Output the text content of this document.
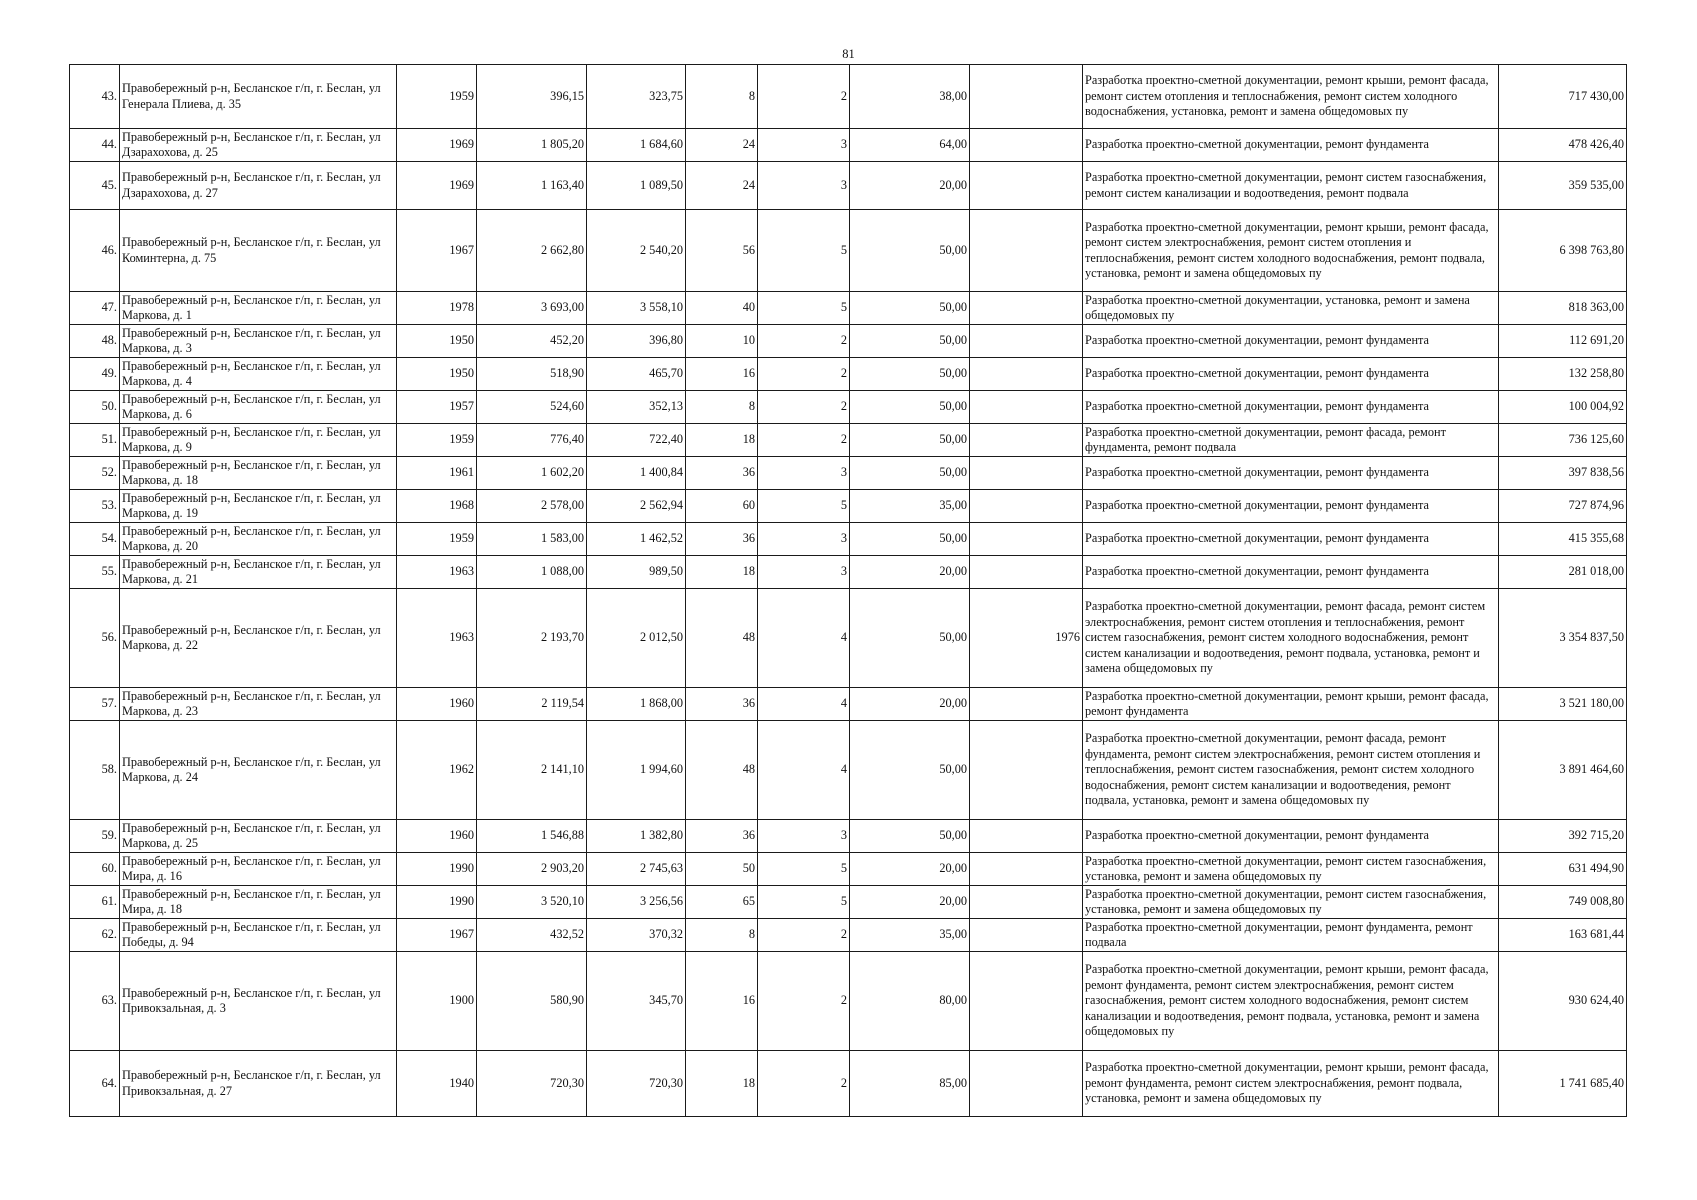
81
43.	Правобережный р-н, Беcланское г/п, г. Беслан, ул Генерала Плиева, д. 35	1959	396,15	323,75	8	2	38,00		Разработка проектно-сметной документации, ремонт крыши, ремонт фасада, ремонт систем отопления и теплоснабжения, ремонт систем холодного водоснабжения, установка, ремонт и замена общедомовых пу	717 430,00
44.	Правобережный р-н, Беcланское г/п, г. Беслан, ул Дзарахохова, д. 25	1969	1 805,20	1 684,60	24	3	64,00		Разработка проектно-сметной документации, ремонт фундамента	478 426,40
45.	Правобережный р-н, Беcланское г/п, г. Беслан, ул Дзарахохова, д. 27	1969	1 163,40	1 089,50	24	3	20,00		Разработка проектно-сметной документации, ремонт систем газоснабжения, ремонт систем канализации и водоотведения, ремонт подвала	359 535,00
46.	Правобережный р-н, Беcланское г/п, г. Беслан, ул Коминтерна, д. 75	1967	2 662,80	2 540,20	56	5	50,00		Разработка проектно-сметной документации, ремонт крыши, ремонт фасада, ремонт систем электроснабжения, ремонт систем отопления и теплоснабжения, ремонт систем холодного водоснабжения, ремонт подвала, установка, ремонт и замена общедомовых пу	6 398 763,80
47.	Правобережный р-н, Беcланское г/п, г. Беслан, ул Маркова, д. 1	1978	3 693,00	3 558,10	40	5	50,00		Разработка проектно-сметной документации, установка, ремонт и замена общедомовых пу	818 363,00
48.	Правобережный р-н, Беcланское г/п, г. Беслан, ул Маркова, д. 3	1950	452,20	396,80	10	2	50,00		Разработка проектно-сметной документации, ремонт фундамента	112 691,20
49.	Правобережный р-н, Беcланское г/п, г. Беслан, ул Маркова, д. 4	1950	518,90	465,70	16	2	50,00		Разработка проектно-сметной документации, ремонт фундамента	132 258,80
50.	Правобережный р-н, Беcланское г/п, г. Беслан, ул Маркова, д. 6	1957	524,60	352,13	8	2	50,00		Разработка проектно-сметной документации, ремонт фундамента	100 004,92
51.	Правобережный р-н, Беcланское г/п, г. Беслан, ул Маркова, д. 9	1959	776,40	722,40	18	2	50,00		Разработка проектно-сметной документации, ремонт фасада, ремонт фундамента, ремонт подвала	736 125,60
52.	Правобережный р-н, Беcланское г/п, г. Беслан, ул Маркова, д. 18	1961	1 602,20	1 400,84	36	3	50,00		Разработка проектно-сметной документации, ремонт фундамента	397 838,56
53.	Правобережный р-н, Беcланское г/п, г. Беслан, ул Маркова, д. 19	1968	2 578,00	2 562,94	60	5	35,00		Разработка проектно-сметной документации, ремонт фундамента	727 874,96
54.	Правобережный р-н, Беcланское г/п, г. Беслан, ул Маркова, д. 20	1959	1 583,00	1 462,52	36	3	50,00		Разработка проектно-сметной документации, ремонт фундамента	415 355,68
55.	Правобережный р-н, Беcланское г/п, г. Беслан, ул Маркова, д. 21	1963	1 088,00	989,50	18	3	20,00		Разработка проектно-сметной документации, ремонт фундамента	281 018,00
56.	Правобережный р-н, Беcланское г/п, г. Беслан, ул Маркова, д. 22	1963	2 193,70	2 012,50	48	4	50,00	1976	Разработка проектно-сметной документации, ремонт фасада, ремонт систем электроснабжения, ремонт систем отопления и теплоснабжения, ремонт систем газоснабжения, ремонт систем холодного водоснабжения, ремонт систем канализации и водоотведения, ремонт подвала, установка, ремонт и замена общедомовых пу	3 354 837,50
57.	Правобережный р-н, Беcланское г/п, г. Беслан, ул Маркова, д. 23	1960	2 119,54	1 868,00	36	4	20,00		Разработка проектно-сметной документации, ремонт крыши, ремонт фасада, ремонт фундамента	3 521 180,00
58.	Правобережный р-н, Беcланское г/п, г. Беслан, ул Маркова, д. 24	1962	2 141,10	1 994,60	48	4	50,00		Разработка проектно-сметной документации, ремонт фасада, ремонт фундамента, ремонт систем электроснабжения, ремонт систем отопления и теплоснабжения, ремонт систем газоснабжения, ремонт систем холодного водоснабжения, ремонт систем канализации и водоотведения, ремонт подвала, установка, ремонт и замена общедомовых пу	3 891 464,60
59.	Правобережный р-н, Беcланское г/п, г. Беслан, ул Маркова, д. 25	1960	1 546,88	1 382,80	36	3	50,00		Разработка проектно-сметной документации, ремонт фундамента	392 715,20
60.	Правобережный р-н, Беcланское г/п, г. Беслан, ул Мира, д. 16	1990	2 903,20	2 745,63	50	5	20,00		Разработка проектно-сметной документации, ремонт систем газоснабжения, установка, ремонт и замена общедомовых пу	631 494,90
61.	Правобережный р-н, Беcланское г/п, г. Беслан, ул Мира, д. 18	1990	3 520,10	3 256,56	65	5	20,00		Разработка проектно-сметной документации, ремонт систем газоснабжения, установка, ремонт и замена общедомовых пу	749 008,80
62.	Правобережный р-н, Беcланское г/п, г. Беслан, ул Победы, д. 94	1967	432,52	370,32	8	2	35,00		Разработка проектно-сметной документации, ремонт фундамента, ремонт подвала	163 681,44
63.	Правобережный р-н, Беcланское г/п, г. Беслан, ул Привокзальная, д. 3	1900	580,90	345,70	16	2	80,00		Разработка проектно-сметной документации, ремонт крыши, ремонт фасада, ремонт фундамента, ремонт систем электроснабжения, ремонт систем газоснабжения, ремонт систем холодного водоснабжения, ремонт систем канализации и водоотведения, ремонт подвала, установка, ремонт и замена общедомовых пу	930 624,40
64.	Правобережный р-н, Беcланское г/п, г. Беслан, ул Привокзальная, д. 27	1940	720,30	720,30	18	2	85,00		Разработка проектно-сметной документации, ремонт крыши, ремонт фасада, ремонт фундамента, ремонт систем электроснабжения, ремонт подвала, установка, ремонт и замена общедомовых пу	1 741 685,40
